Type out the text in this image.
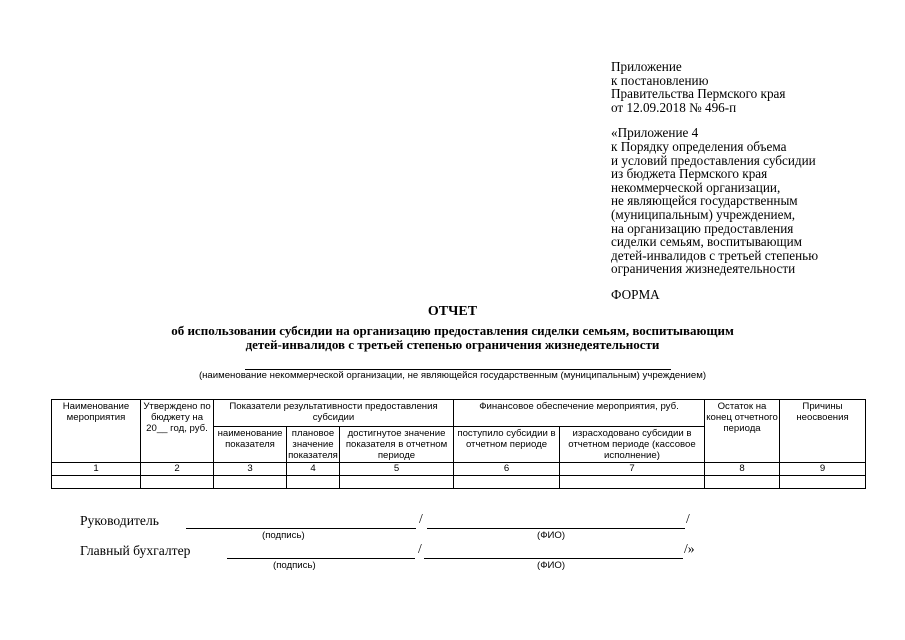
Приложение
к постановлению
Правительства Пермского края
от 12.09.2018 № 496-п
«Приложение 4
к Порядку определения объема
и условий предоставления субсидии
из бюджета Пермского края
некоммерческой организации,
не являющейся государственным
(муниципальным) учреждением,
на организацию предоставления
сиделки семьям, воспитывающим
детей-инвалидов с третьей степенью
ограничения жизнедеятельности
ФОРМА
ОТЧЕТ
об использовании субсидии на организацию предоставления сиделки семьям, воспитывающим
детей-инвалидов с третьей степенью ограничения жизнедеятельности
(наименование некоммерческой организации, не являющейся государственным (муниципальным) учреждением)
Наименование мероприятия	Утверждено по бюджету на 20__ год, руб.	Показатели результативности предоставления субсидии			Финансовое обеспечение мероприятия, руб.		Остаток на конец отчетного периода	Причины неосвоения
		наименование показателя	плановое значение показателя	достигнутое значение показателя в отчетном периоде	поступило субсидии в отчетном периоде	израсходовано субсидии в отчетном периоде (кассовое исполнение)		
1	2	3	4	5	6	7	8	9

Руководитель	/	/
(подпись)	(ФИО)
Главный бухгалтер	/	/»
(подпись)	(ФИО)
